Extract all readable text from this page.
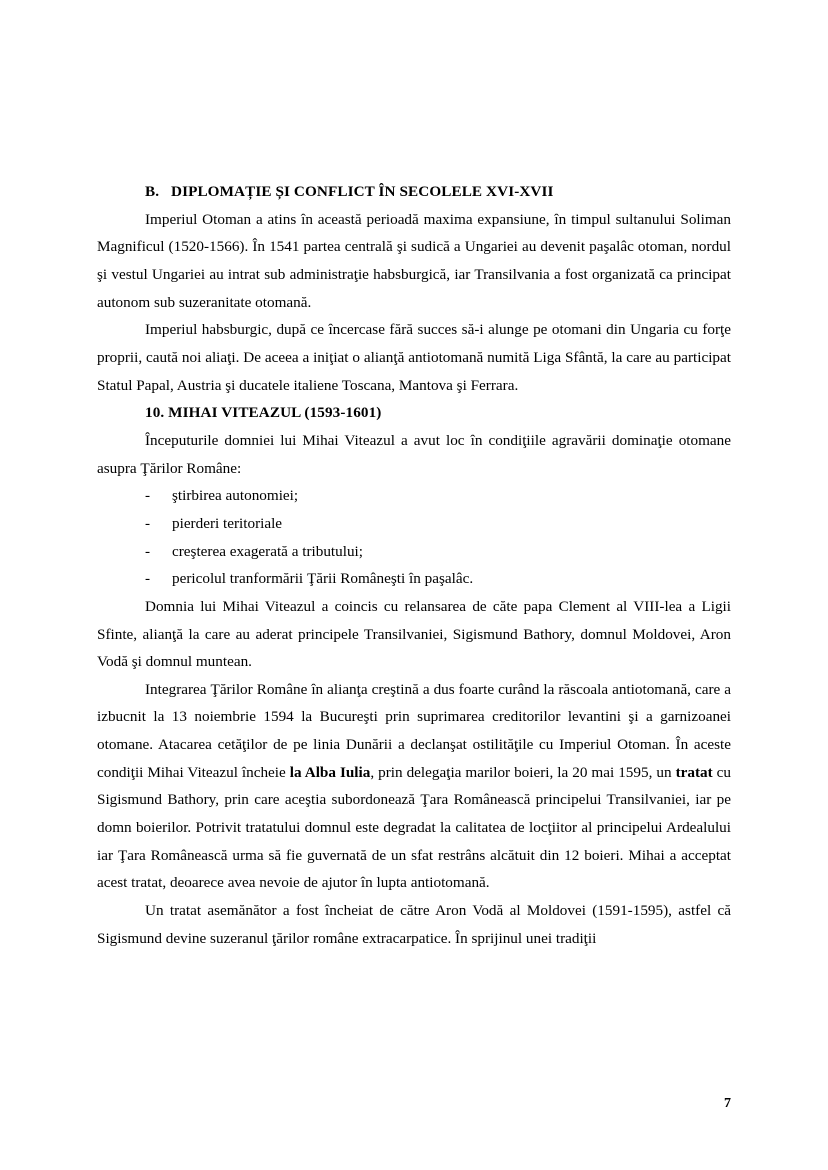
B. DIPLOMAȚIE ȘI CONFLICT ÎN SECOLELE XVI-XVII

Imperiul Otoman a atins în această perioadă maxima expansiune, în timpul sultanului Soliman Magnificul (1520-1566). În 1541 partea centrală şi sudică a Ungariei au devenit paşalâc otoman, nordul şi vestul Ungariei au intrat sub administraţie habsburgică, iar Transilvania a fost organizată ca principat autonom sub suzeranitate otomană.

Imperiul habsburgic, după ce încercase fără succes să-i alunge pe otomani din Ungaria cu forţe proprii, caută noi aliaţi. De aceea a iniţiat o alianţă antiotomană numită Liga Sfântă, la care au participat Statul Papal, Austria şi ducatele italiene Toscana, Mantova şi Ferrara.

10. MIHAI VITEAZUL (1593-1601)

Începuturile domniei lui Mihai Viteazul a avut loc în condiţiile agravării dominaţie otomane asupra Ţărilor Române:

- ştirbirea autonomiei;
- pierderi teritoriale
- creşterea exagerată a tributului;
- pericolul tranformării Ţării Româneşti în paşalâc.

Domnia lui Mihai Viteazul a coincis cu relansarea de căte papa Clement al VIII-lea a Ligii Sfinte, alianţă la care au aderat principele Transilvaniei, Sigismund Bathory, domnul Moldovei, Aron Vodă şi domnul muntean.

Integrarea Ţărilor Române în alianţa creştină a dus foarte curând la răscoala antiotomană, care a izbucnit la 13 noiembrie 1594 la Bucureşti prin suprimarea creditorilor levantini şi a garnizoanei otomane. Atacarea cetăţilor de pe linia Dunării a declanşat ostilităţile cu Imperiul Otoman. În aceste condiţii Mihai Viteazul încheie la Alba Iulia, prin delegaţia marilor boieri, la 20 mai 1595, un tratat cu Sigismund Bathory, prin care aceştia subordonează Ţara Românească principelui Transilvaniei, iar pe domn boierilor. Potrivit tratatului domnul este degradat la calitatea de locţiitor al principelui Ardealului iar Ţara Românească urma să fie guvernată de un sfat restrâns alcătuit din 12 boieri. Mihai a acceptat acest tratat, deoarece avea nevoie de ajutor în lupta antiotomană.

Un tratat asemănător a fost încheiat de către Aron Vodă al Moldovei (1591-1595), astfel că Sigismund devine suzeranul ţărilor române extracarpatice. În sprijinul unei tradiţii

7
